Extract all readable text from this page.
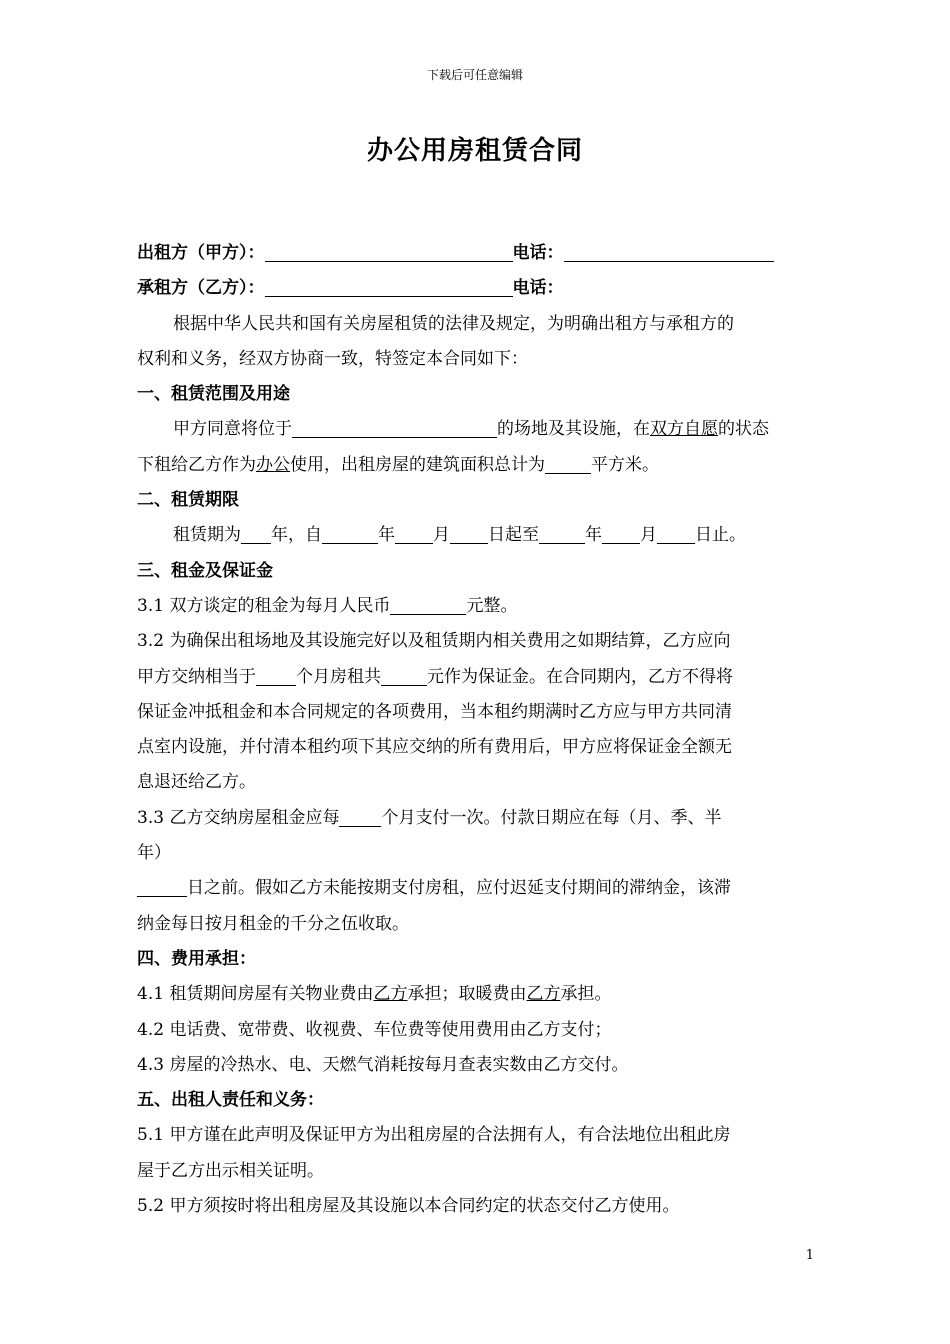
下载后可任意编辑
办公用房租赁合同
出租方（甲方）：	电话：
承租方（乙方）：	电话：
根据中华人民共和国有关房屋租赁的法律及规定，为明确出租方与承租方的
权利和义务，经双方协商一致，特签定本合同如下：
一、租赁范围及用途
甲方同意将位于	的场地及其设施，在双方自愿的状态
下租给乙方作为办公使用，出租房屋的建筑面积总计为	平方米。
二、租赁期限
租赁期为 年，自	年 月 日起至	年 月 日止。
三、租金及保证金
3.1 双方谈定的租金为每月人民币	元整。
3.2 为确保出租场地及其设施完好以及租赁期内相关费用之如期结算，乙方应向
甲方交纳相当于 个月房租共	元作为保证金。在合同期内，乙方不得将
保证金冲抵租金和本合同规定的各项费用，当本租约期满时乙方应与甲方共同清
点室内设施，并付清本租约项下其应交纳的所有费用后，甲方应将保证金全额无
息退还给乙方。
3.3 乙方交纳房屋租金应每 个月支付一次。付款日期应在每（月、季、半
年）
日之前。假如乙方未能按期支付房租，应付迟延支付期间的滞纳金，该滞
纳金每日按月租金的千分之伍收取。
四、费用承担：
4.1 租赁期间房屋有关物业费由乙方承担；取暖费由乙方承担。
4.2 电话费、宽带费、收视费、车位费等使用费用由乙方支付；
4.3 房屋的冷热水、电、天燃气消耗按每月查表实数由乙方交付。
五、出租人责任和义务：
5.1 甲方谨在此声明及保证甲方为出租房屋的合法拥有人，有合法地位出租此房
屋于乙方出示相关证明。
5.2 甲方须按时将出租房屋及其设施以本合同约定的状态交付乙方使用。
1
